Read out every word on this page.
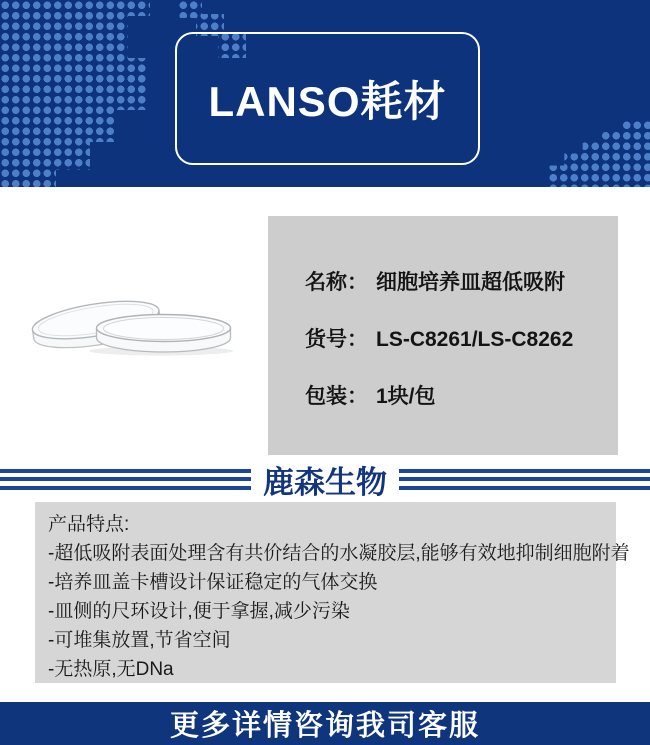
LANSO耗材
名称： 细胞培养皿超低吸附
货号： LS-C8261/LS-C8262
包装： 1块/包
鹿森生物
产品特点:
-超低吸附表面处理含有共价结合的水凝胶层,能够有效地抑制细胞附着
-培养皿盖卡槽设计保证稳定的气体交换
-皿侧的尺环设计,便于拿握,减少污染
-可堆集放置,节省空间
-无热原,无DNa
更多详情咨询我司客服
